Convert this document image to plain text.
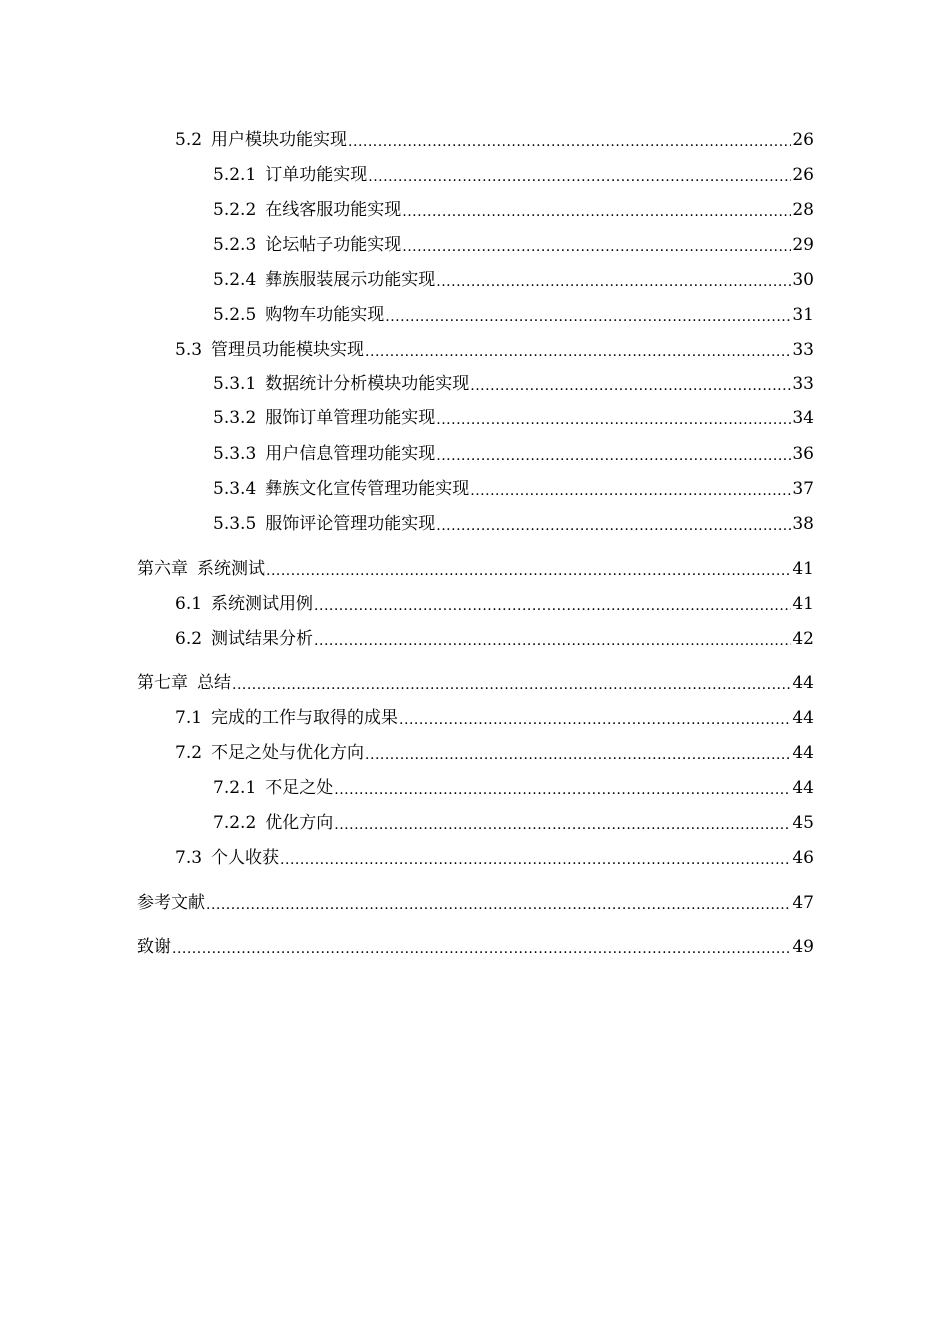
5.2 用户模块功能实现 .....	26
5.2.1 订单功能实现 .....	26
5.2.2 在线客服功能实现 .....	28
5.2.3 论坛帖子功能实现 .....	29
5.2.4 彝族服装展示功能实现 .....	30
5.2.5 购物车功能实现 .....	31
5.3 管理员功能模块实现 .....	33
5.3.1 数据统计分析模块功能实现 .....	33
5.3.2 服饰订单管理功能实现 .....	34
5.3.3 用户信息管理功能实现 .....	36
5.3.4 彝族文化宣传管理功能实现 .....	37
5.3.5 服饰评论管理功能实现 .....	38
第六章 系统测试 .....	41
6.1 系统测试用例 .....	41
6.2 测试结果分析 .....	42
第七章 总结 .....	44
7.1 完成的工作与取得的成果 .....	44
7.2 不足之处与优化方向 .....	44
7.2.1 不足之处 .....	44
7.2.2 优化方向 .....	45
7.3 个人收获 .....	46
参考文献 .....	47
致谢 .....	49
